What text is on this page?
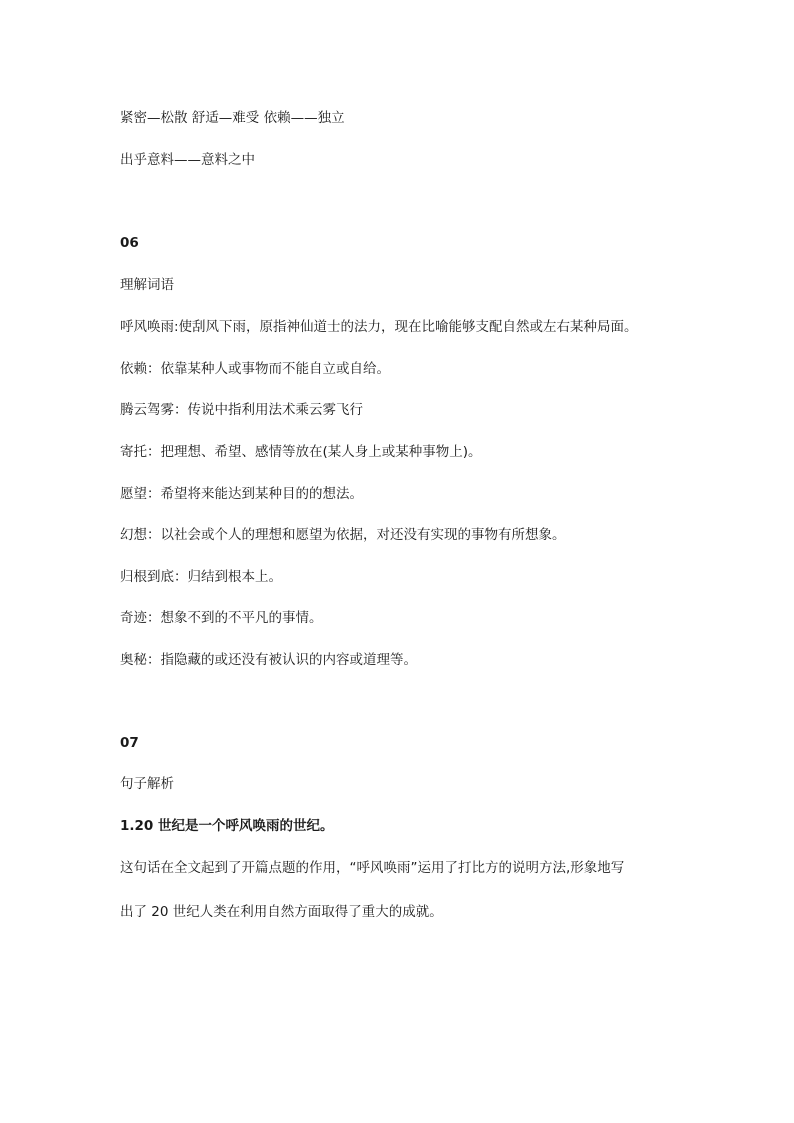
紧密—松散 舒适—难受 依赖——独立
出乎意料——意料之中
06
理解词语
呼风唤雨:使刮风下雨，原指神仙道士的法力，现在比喻能够支配自然或左右某种局面。
依赖：依靠某种人或事物而不能自立或自给。
腾云驾雾：传说中指利用法术乘云雾飞行
寄托：把理想、希望、感情等放在(某人身上或某种事物上)。
愿望：希望将来能达到某种目的的想法。
幻想：以社会或个人的理想和愿望为依据，对还没有实现的事物有所想象。
归根到底：归结到根本上。
奇迹：想象不到的不平凡的事情。
奥秘：指隐藏的或还没有被认识的内容或道理等。
07
句子解析
1.20 世纪是一个呼风唤雨的世纪。
这句话在全文起到了开篇点题的作用，“呼风唤雨”运用了打比方的说明方法,形象地写
出了 20 世纪人类在利用自然方面取得了重大的成就。
